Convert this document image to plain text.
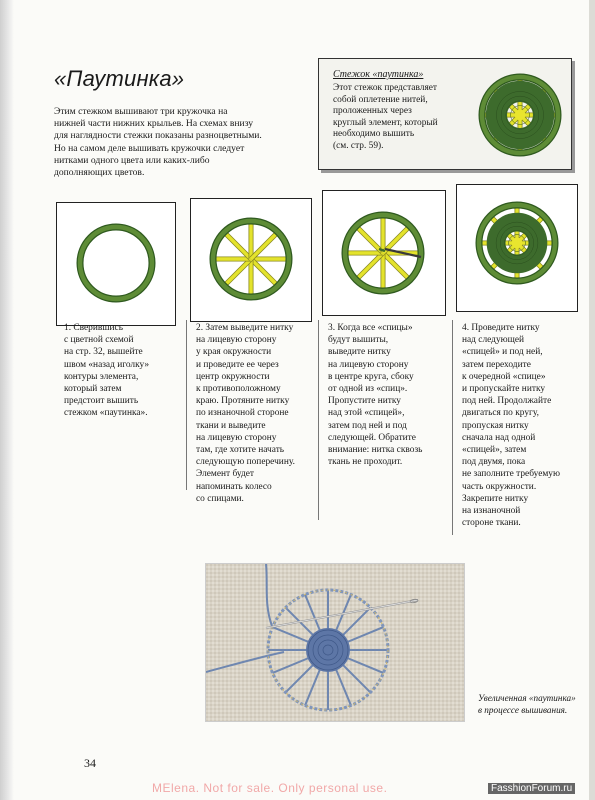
«Паутинка»
Этим стежком вышивают три кружочка на
нижней части нижних крыльев. На схемах внизу
для наглядности стежки показаны разноцветными.
Но на самом деле вышивать кружочки следует
нитками одного цвета или каких-либо
дополняющих цветов.
Стежок «паутинка»
Этот стежок представляет
собой оплетение нитей,
проложенных через
круглый элемент, который
необходимо вышить
(см. стр. 59).
1. Сверившись
с цветной схемой
на стр. 32, вышейте
швом «назад иголку»
контуры элемента,
который затем
предстоит вышить
стежком «паутинка».
2. Затем выведите нитку
на лицевую сторону
у края окружности
и проведите ее через
центр окружности
к противоположному
краю. Протяните нитку
по изнаночной стороне
ткани и выведите
на лицевую сторону
там, где хотите начать
следующую поперечину.
Элемент будет
напоминать колесо
со спицами.
3. Когда все «спицы»
будут вышиты,
выведите нитку
на лицевую сторону
в центре круга, сбоку
от одной из «спиц».
Пропустите нитку
над этой «спицей»,
затем под ней и под
следующей. Обратите
внимание: нитка сквозь
ткань не проходит.
4. Проведите нитку
над следующей
«спицей» и под ней,
затем переходите
к очередной «спице»
и пропускайте нитку
под ней. Продолжайте
двигаться по кругу,
пропуская нитку
сначала над одной
«спицей», затем
под двумя, пока
не заполните требуемую
часть окружности.
Закрепите нитку
на изнаночной
стороне ткани.
Увеличенная «паутинка»
в процессе вышивания.
34
MElena. Not for sale. Only personal use.	FasshionForum.ru
